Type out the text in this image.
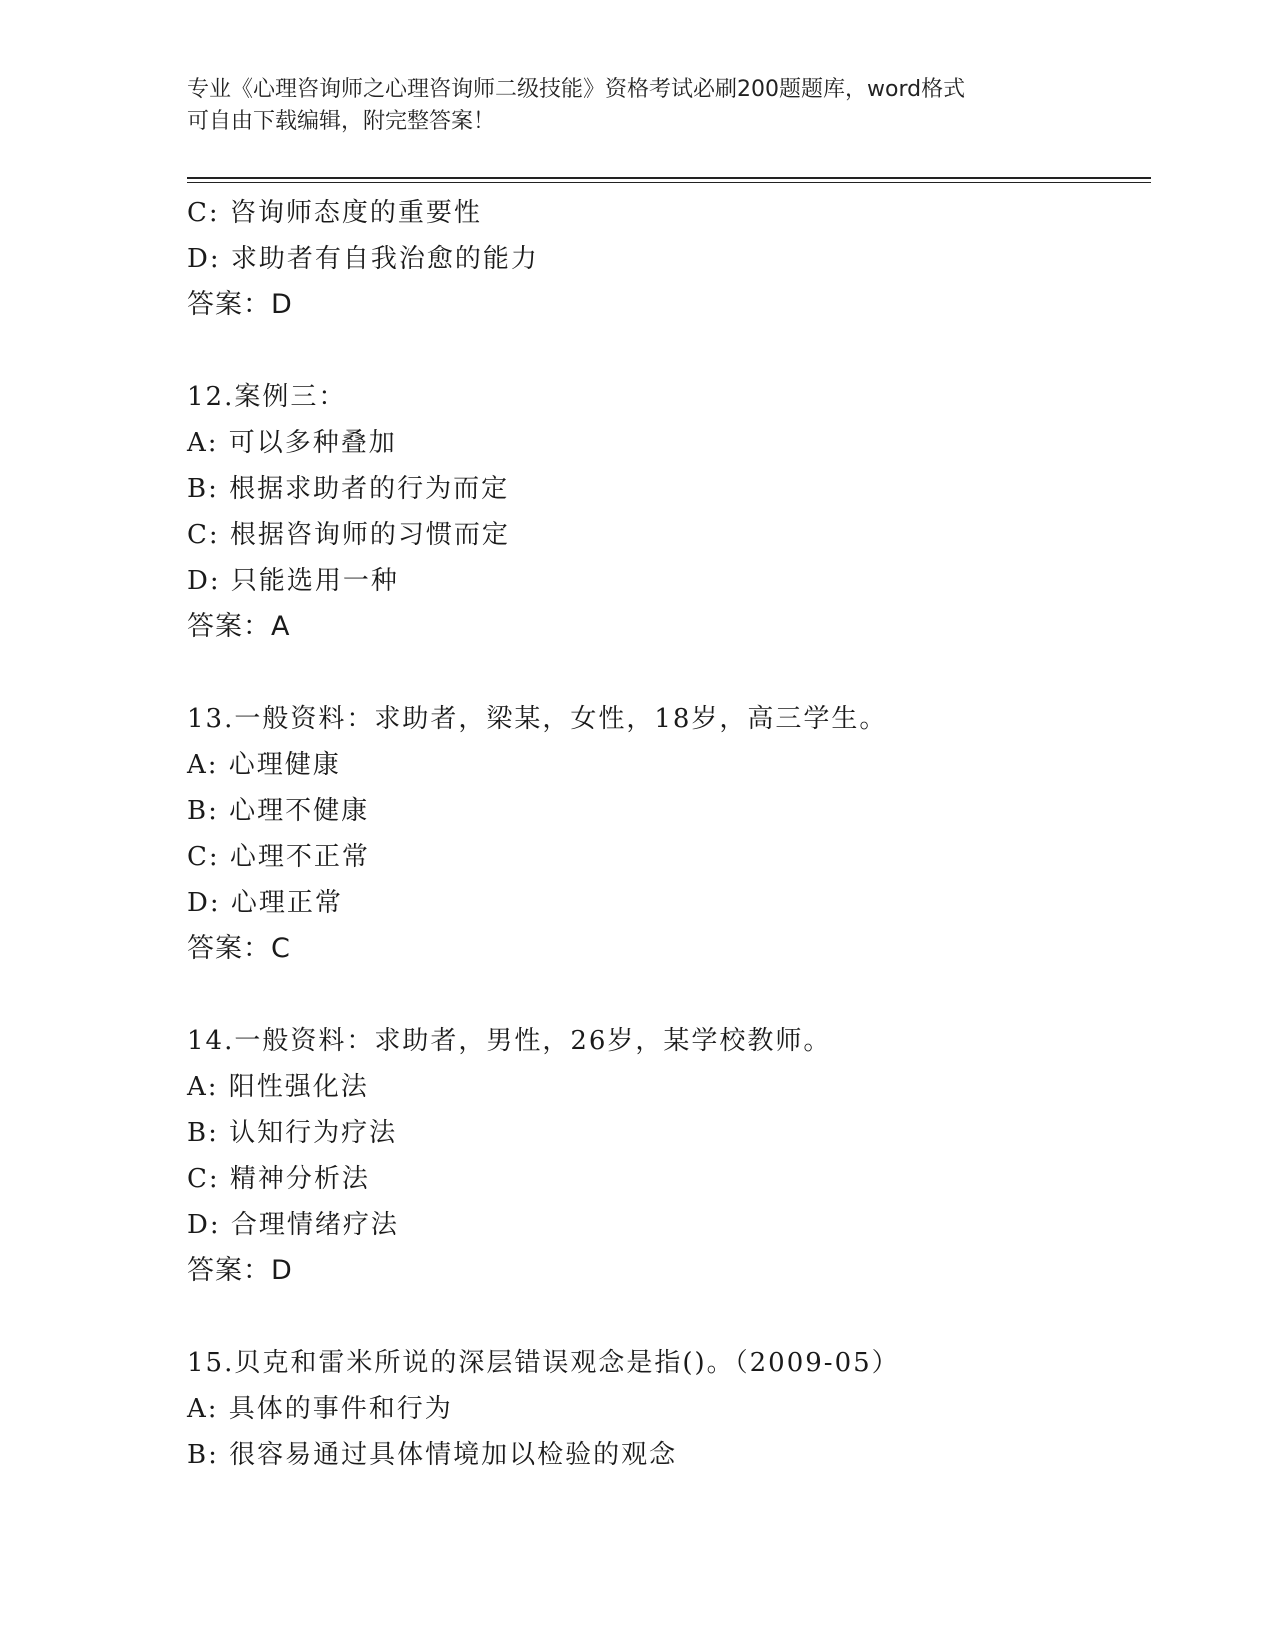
专业《心理咨询师之心理咨询师二级技能》资格考试必刷200题题库，word格式
可自由下载编辑，附完整答案！
C: 咨询师态度的重要性
D: 求助者有自我治愈的能力
答案：D
12.案例三：
A: 可以多种叠加
B: 根据求助者的行为而定
C: 根据咨询师的习惯而定
D: 只能选用一种
答案：A
13.一般资料：求助者，梁某，女性，18岁，高三学生。
A: 心理健康
B: 心理不健康
C: 心理不正常
D: 心理正常
答案：C
14.一般资料：求助者，男性，26岁，某学校教师。
A: 阳性强化法
B: 认知行为疗法
C: 精神分析法
D: 合理情绪疗法
答案：D
15.贝克和雷米所说的深层错误观念是指()。（2009-05）
A: 具体的事件和行为
B: 很容易通过具体情境加以检验的观念
